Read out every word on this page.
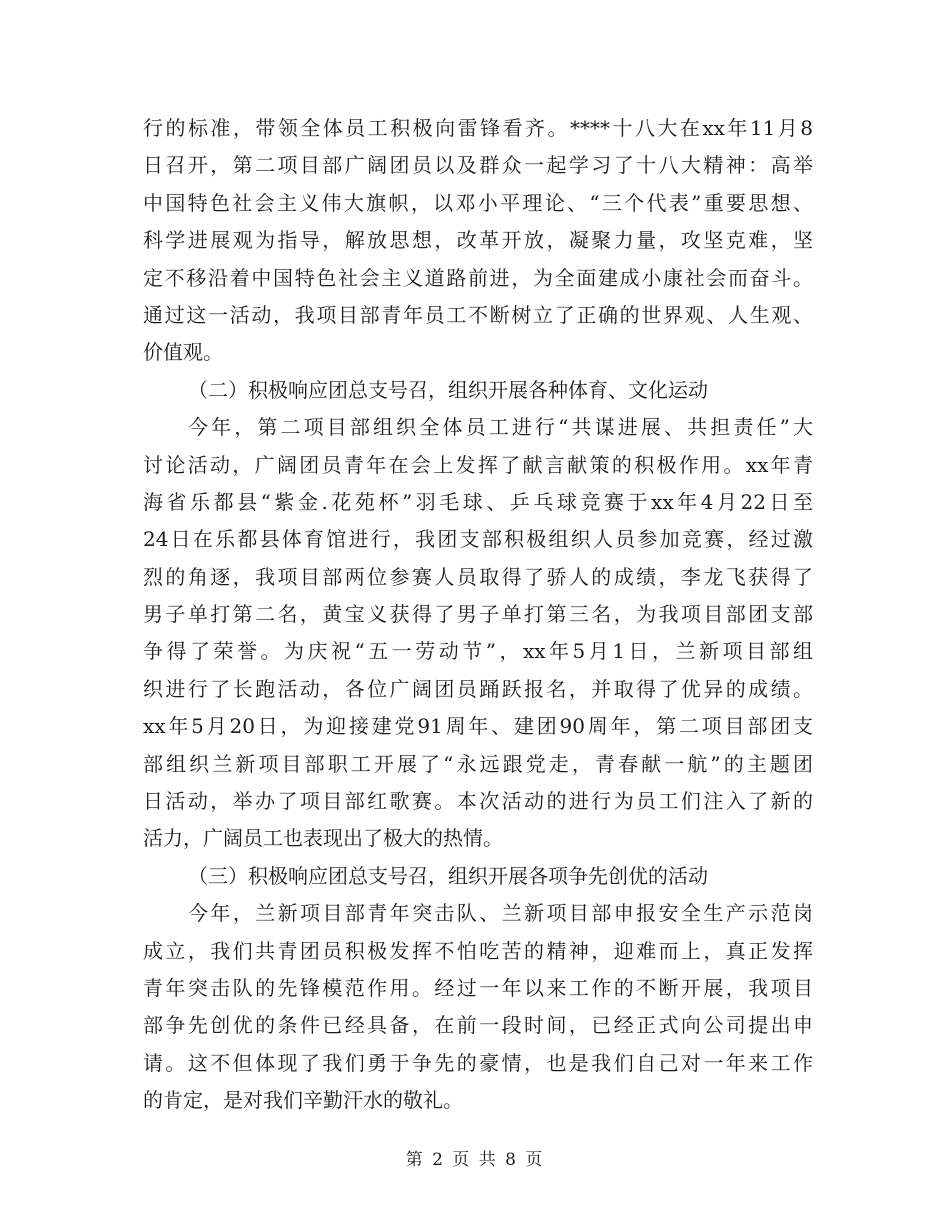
行的标准，带领全体员工积极向雷锋看齐。****十八大在xx年11月8
日召开，第二项目部广阔团员以及群众一起学习了十八大精神：高举
中国特色社会主义伟大旗帜，以邓小平理论、“三个代表”重要思想、
科学进展观为指导，解放思想，改革开放，凝聚力量，攻坚克难，坚
定不移沿着中国特色社会主义道路前进，为全面建成小康社会而奋斗。
通过这一活动，我项目部青年员工不断树立了正确的世界观、人生观、
价值观。
（二）积极响应团总支号召，组织开展各种体育、文化运动
今年，第二项目部组织全体员工进行“共谋进展、共担责任”大
讨论活动，广阔团员青年在会上发挥了献言献策的积极作用。xx年青
海省乐都县“紫金.花苑杯”羽毛球、乒乓球竞赛于xx年4月22日至
24日在乐都县体育馆进行，我团支部积极组织人员参加竞赛，经过激
烈的角逐，我项目部两位参赛人员取得了骄人的成绩，李龙飞获得了
男子单打第二名，黄宝义获得了男子单打第三名，为我项目部团支部
争得了荣誉。为庆祝“五一劳动节”，xx年5月1日，兰新项目部组
织进行了长跑活动，各位广阔团员踊跃报名，并取得了优异的成绩。
xx年5月20日，为迎接建党91周年、建团90周年，第二项目部团支
部组织兰新项目部职工开展了“永远跟党走，青春献一航”的主题团
日活动，举办了项目部红歌赛。本次活动的进行为员工们注入了新的
活力，广阔员工也表现出了极大的热情。
（三）积极响应团总支号召，组织开展各项争先创优的活动
今年，兰新项目部青年突击队、兰新项目部申报安全生产示范岗
成立，我们共青团员积极发挥不怕吃苦的精神，迎难而上，真正发挥
青年突击队的先锋模范作用。经过一年以来工作的不断开展，我项目
部争先创优的条件已经具备，在前一段时间，已经正式向公司提出申
请。这不但体现了我们勇于争先的豪情，也是我们自己对一年来工作
的肯定，是对我们辛勤汗水的敬礼。
第 2 页 共 8 页
